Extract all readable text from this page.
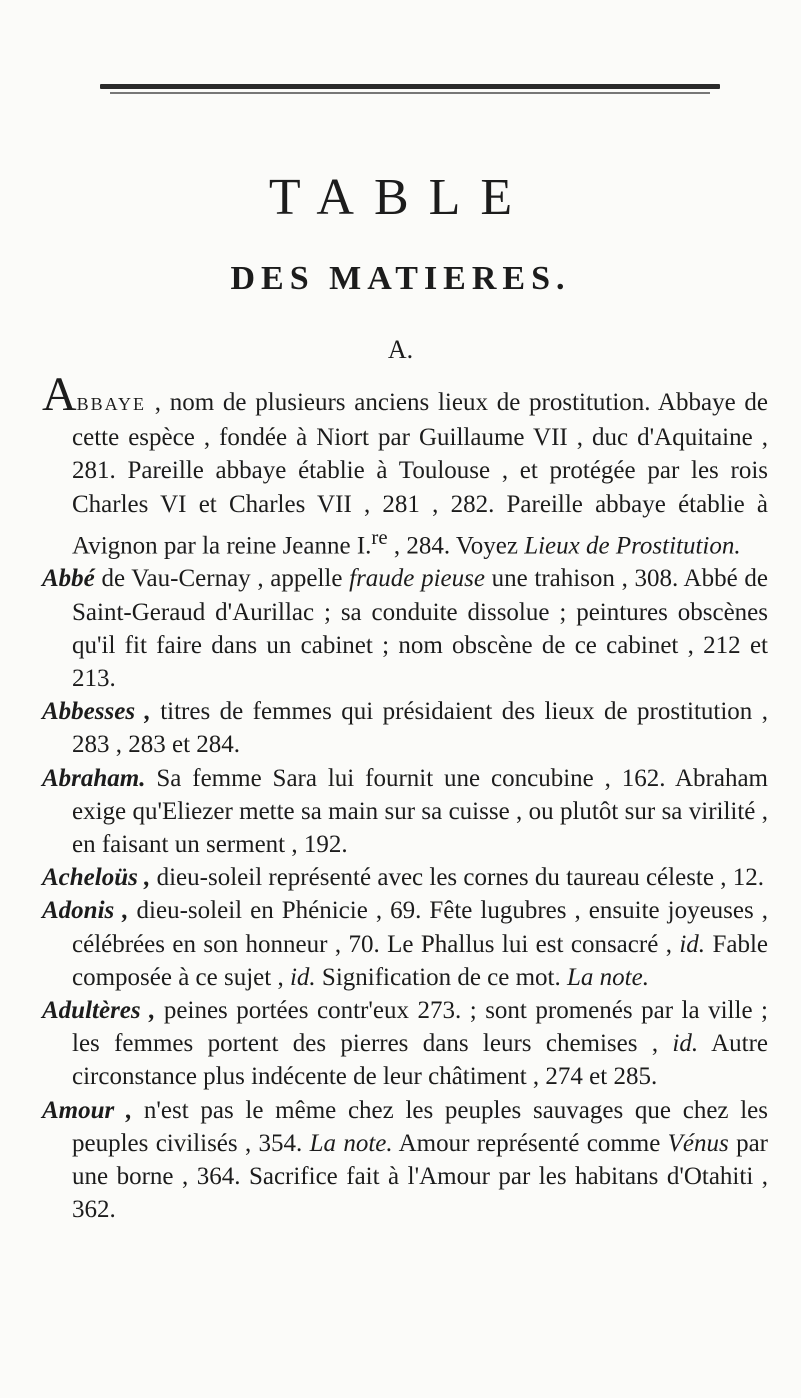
TABLE
DES MATIERES.
A.

ABBAYE , nom de plusieurs anciens lieux de prostitution. Abbaye de cette espèce , fondée à Niort par Guillaume VII , duc d'Aquitaine , 281. Pareille abbaye établie à Toulouse , et protégée par les rois Charles VI et Charles VII , 281 , 282. Pareille abbaye établie à Avignon par la reine Jeanne I.$^{re}$ , 284. Voyez Lieux de Prostitution.

Abbé de Vau-Cernay , appelle fraude pieuse une trahison , 308. Abbé de Saint-Geraud d'Aurillac ; sa conduite dissolue ; peintures obscènes qu'il fit faire dans un cabinet ; nom obscène de ce cabinet , 212 et 213.

Abbesses , titres de femmes qui présidaient des lieux de prostitution , 283 , 283 et 284.

Abraham. Sa femme Sara lui fournit une concubine , 162. Abraham exige qu'Eliezer mette sa main sur sa cuisse , ou plutôt sur sa virilité , en faisant un serment , 192.

Acheloüs , dieu-soleil représenté avec les cornes du taureau céleste , 12.

Adonis , dieu-soleil en Phénicie , 69. Fête lugubres , ensuite joyeuses , célébrées en son honneur , 70. Le Phallus lui est consacré , id. Fable composée à ce sujet , id. Signification de ce mot. La note.

Adultères , peines portées contr'eux 273. ; sont promenés par la ville ; les femmes portent des pierres dans leurs chemises , id. Autre circonstance plus indécente de leur châtiment , 274 et 285.

Amour , n'est pas le même chez les peuples sauvages que chez les peuples civilisés , 354. La note. Amour représenté comme Vénus par une borne , 364. Sacrifice fait à l'Amour par les habitans d'Otahiti , 362.
